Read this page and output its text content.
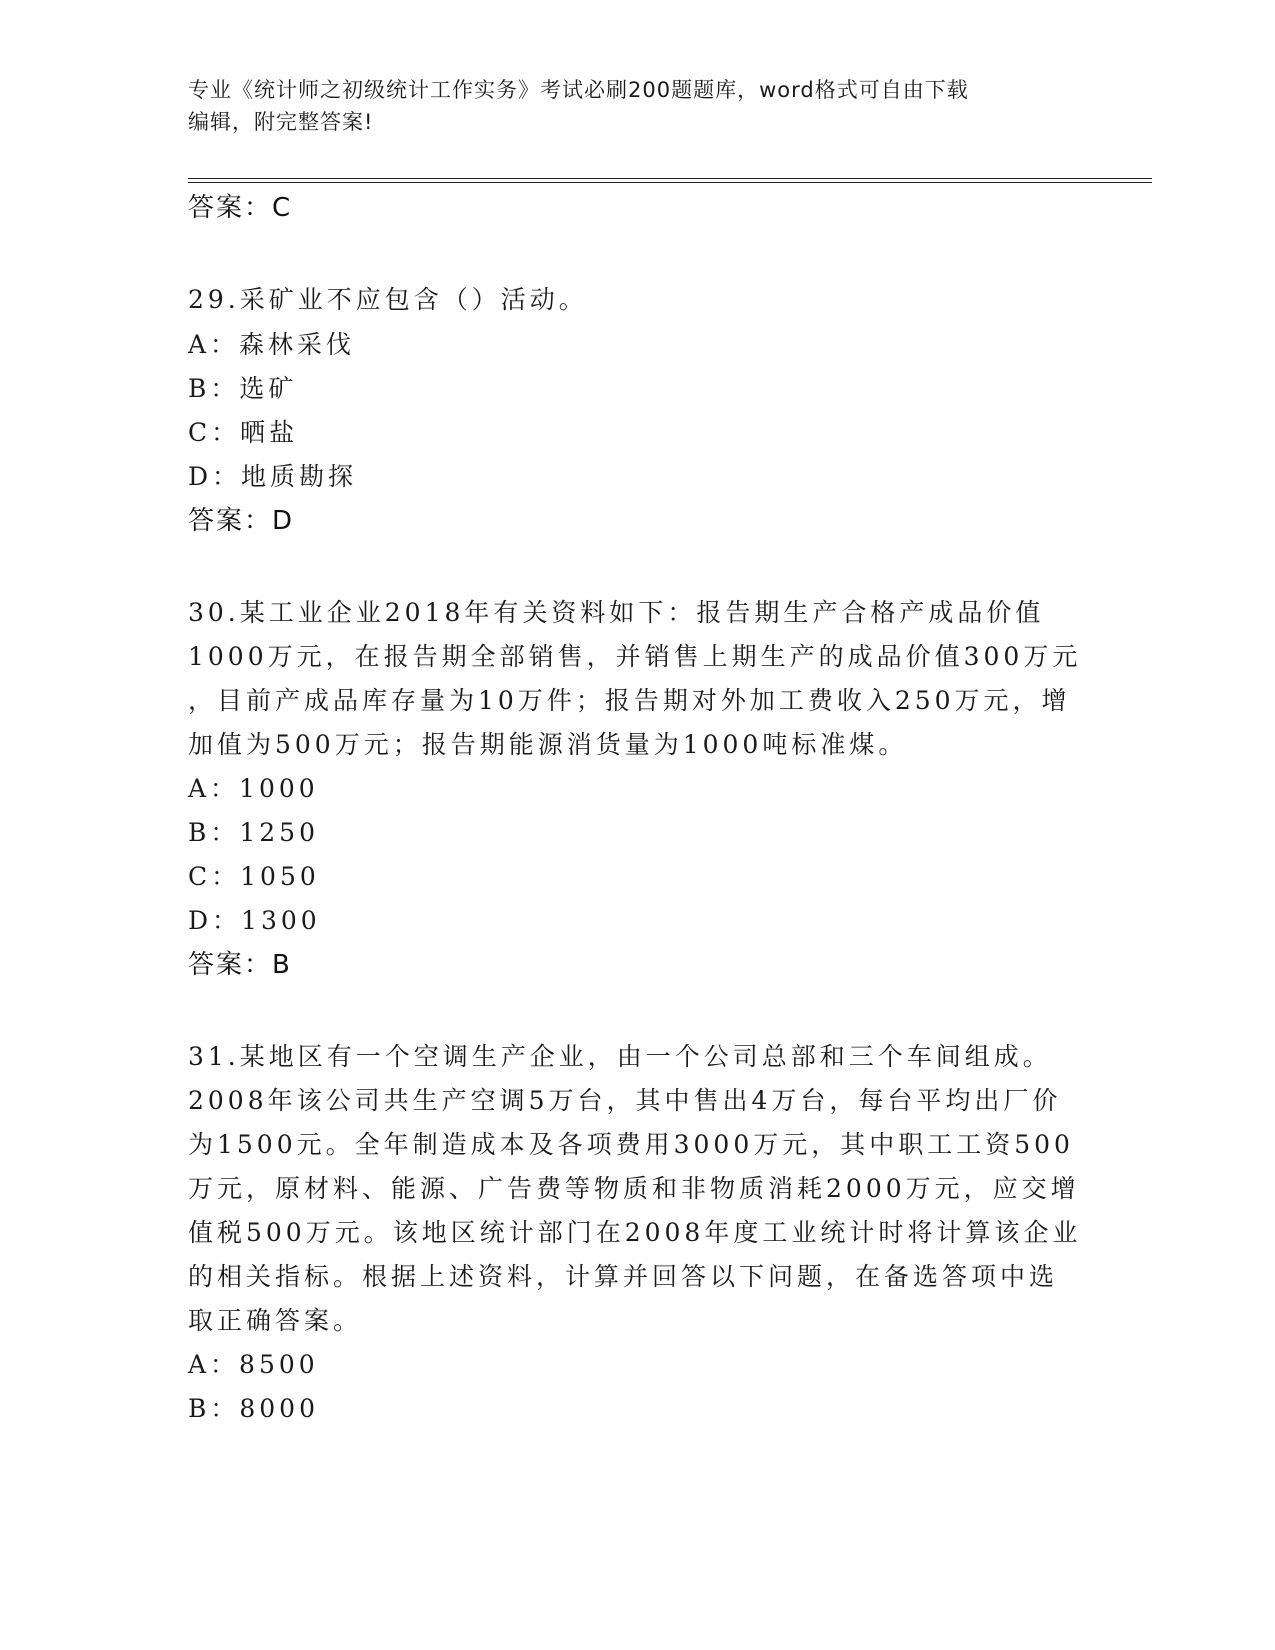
专业《统计师之初级统计工作实务》考试必刷200题题库，word格式可自由下载
编辑，附完整答案!
答案：C
29.采矿业不应包含（）活动。
A：森林采伐
B：选矿
C：晒盐
D：地质勘探
答案：D
30.某工业企业2018年有关资料如下：报告期生产合格产成品价值
1000万元，在报告期全部销售，并销售上期生产的成品价值300万元
，目前产成品库存量为10万件；报告期对外加工费收入250万元，增
加值为500万元；报告期能源消货量为1000吨标准煤。
A：1000
B：1250
C：1050
D：1300
答案：B
31.某地区有一个空调生产企业，由一个公司总部和三个车间组成。
2008年该公司共生产空调5万台，其中售出4万台，每台平均出厂价
为1500元。全年制造成本及各项费用3000万元，其中职工工资500
万元，原材料、能源、广告费等物质和非物质消耗2000万元，应交增
值税500万元。该地区统计部门在2008年度工业统计时将计算该企业
的相关指标。根据上述资料，计算并回答以下问题，在备选答项中选
取正确答案。
A：8500
B：8000
